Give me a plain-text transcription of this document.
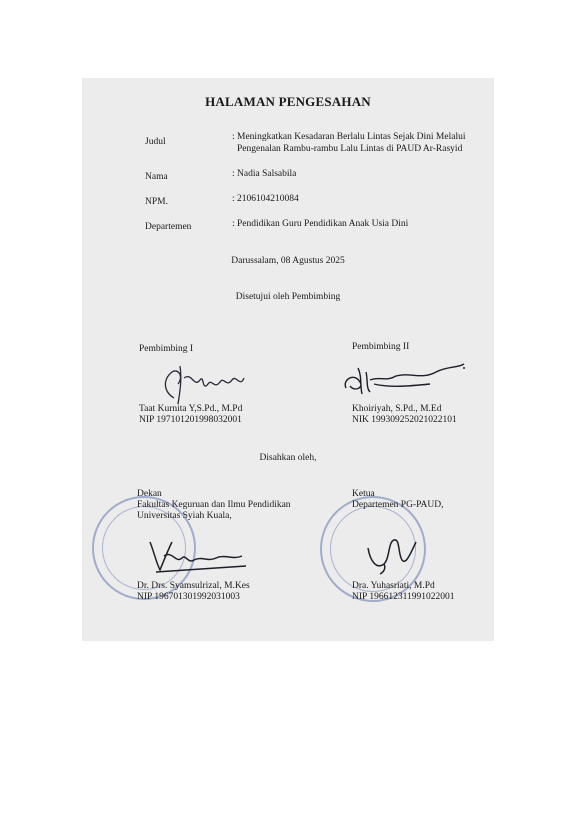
HALAMAN PENGESAHAN
Judul	: Meningkatkan Kesadaran Berlalu Lintas Sejak Dini Melalui
Pengenalan Rambu-rambu Lalu Lintas di PAUD Ar-Rasyid
Nama	: Nadia Salsabila
NPM.	: 2106104210084
Departemen	: Pendidikan Guru Pendidikan Anak Usia Dini
Darussalam, 08 Agustus 2025
Disetujui oleh Pembimbing
Pembimbing I	Pembimbing II
Taat Kurnita Y,S.Pd., M.Pd
NIP 197101201998032001
Khoiriyah, S.Pd., M.Ed
NIK 199309252021022101
Disahkan oleh,
Dekan
Fakultas Keguruan dan Ilmu Pendidikan
Universitas Syiah Kuala,
Ketua
Departemen PG-PAUD,
Dr. Drs. Syamsulrizal, M.Kes
NIP 196701301992031003
Dra. Yuhasriati, M.Pd
NIP 196612311991022001
